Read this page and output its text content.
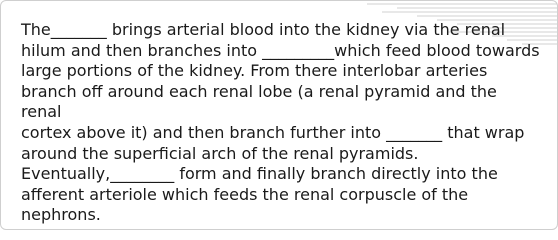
The_______ brings arterial blood into the kidney via the renal
hilum and then branches into _________which feed blood towards
large portions of the kidney. From there interlobar arteries
branch off around each renal lobe (a renal pyramid and the renal
cortex above it) and then branch further into _______ that wrap
around the superficial arch of the renal pyramids.
Eventually,________ form and finally branch directly into the
afferent arteriole which feeds the renal corpuscle of the
nephrons.
